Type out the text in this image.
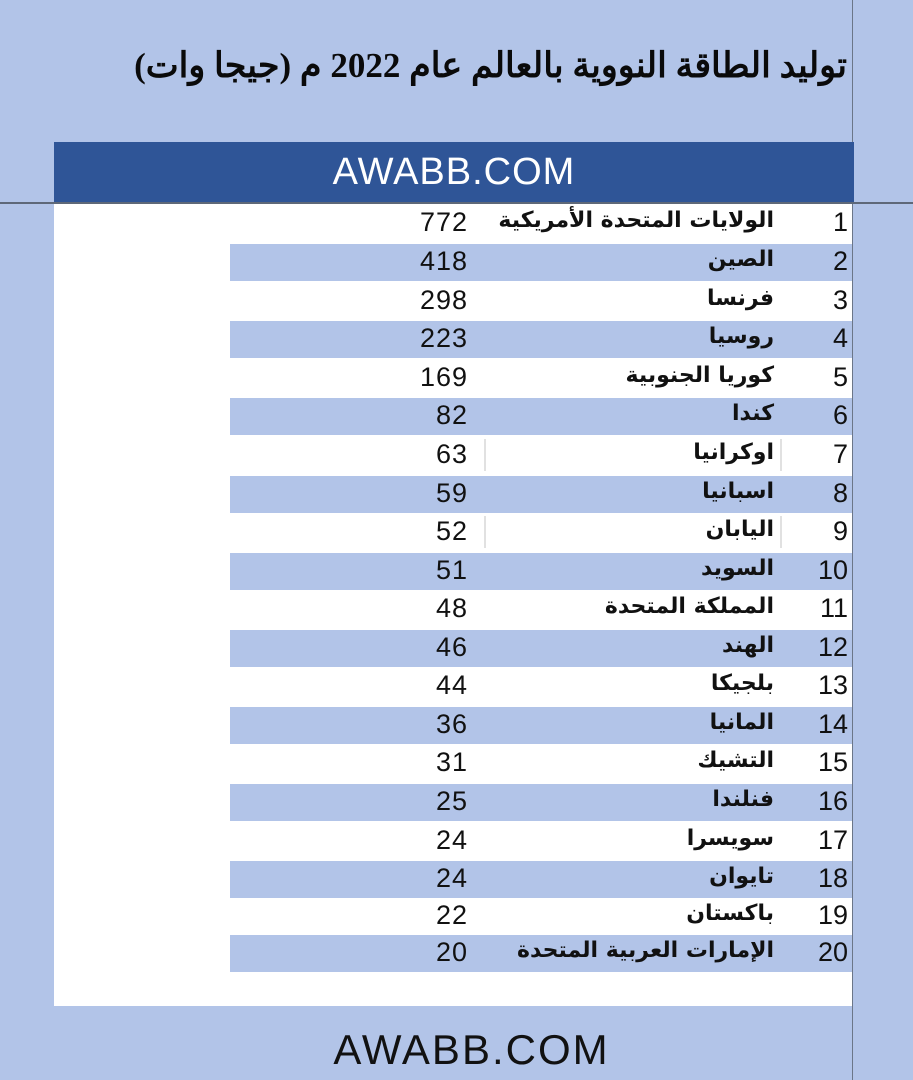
توليد الطاقة النووية بالعالم عام 2022 م (جيجا وات)
AWABB.COM
772 الولايات المتحدة الأمريكية 1
418	الصين 2
298	فرنسا 3
223	روسيا 4
169	كوريا الجنوبية 5
82	كندا 6
63	اوكرانيا 7
59	اسبانيا 8
52	اليابان 9
51	السويد 10
48	المملكة المتحدة 11
46	الهند 12
44	بلجيكا 13
36	المانيا 14
31	التشيك 15
25	فنلندا 16
24	سويسرا 17
24	تايوان 18
22	باكستان 19
20 الإمارات العربية المتحدة 20
AWABB.COM
